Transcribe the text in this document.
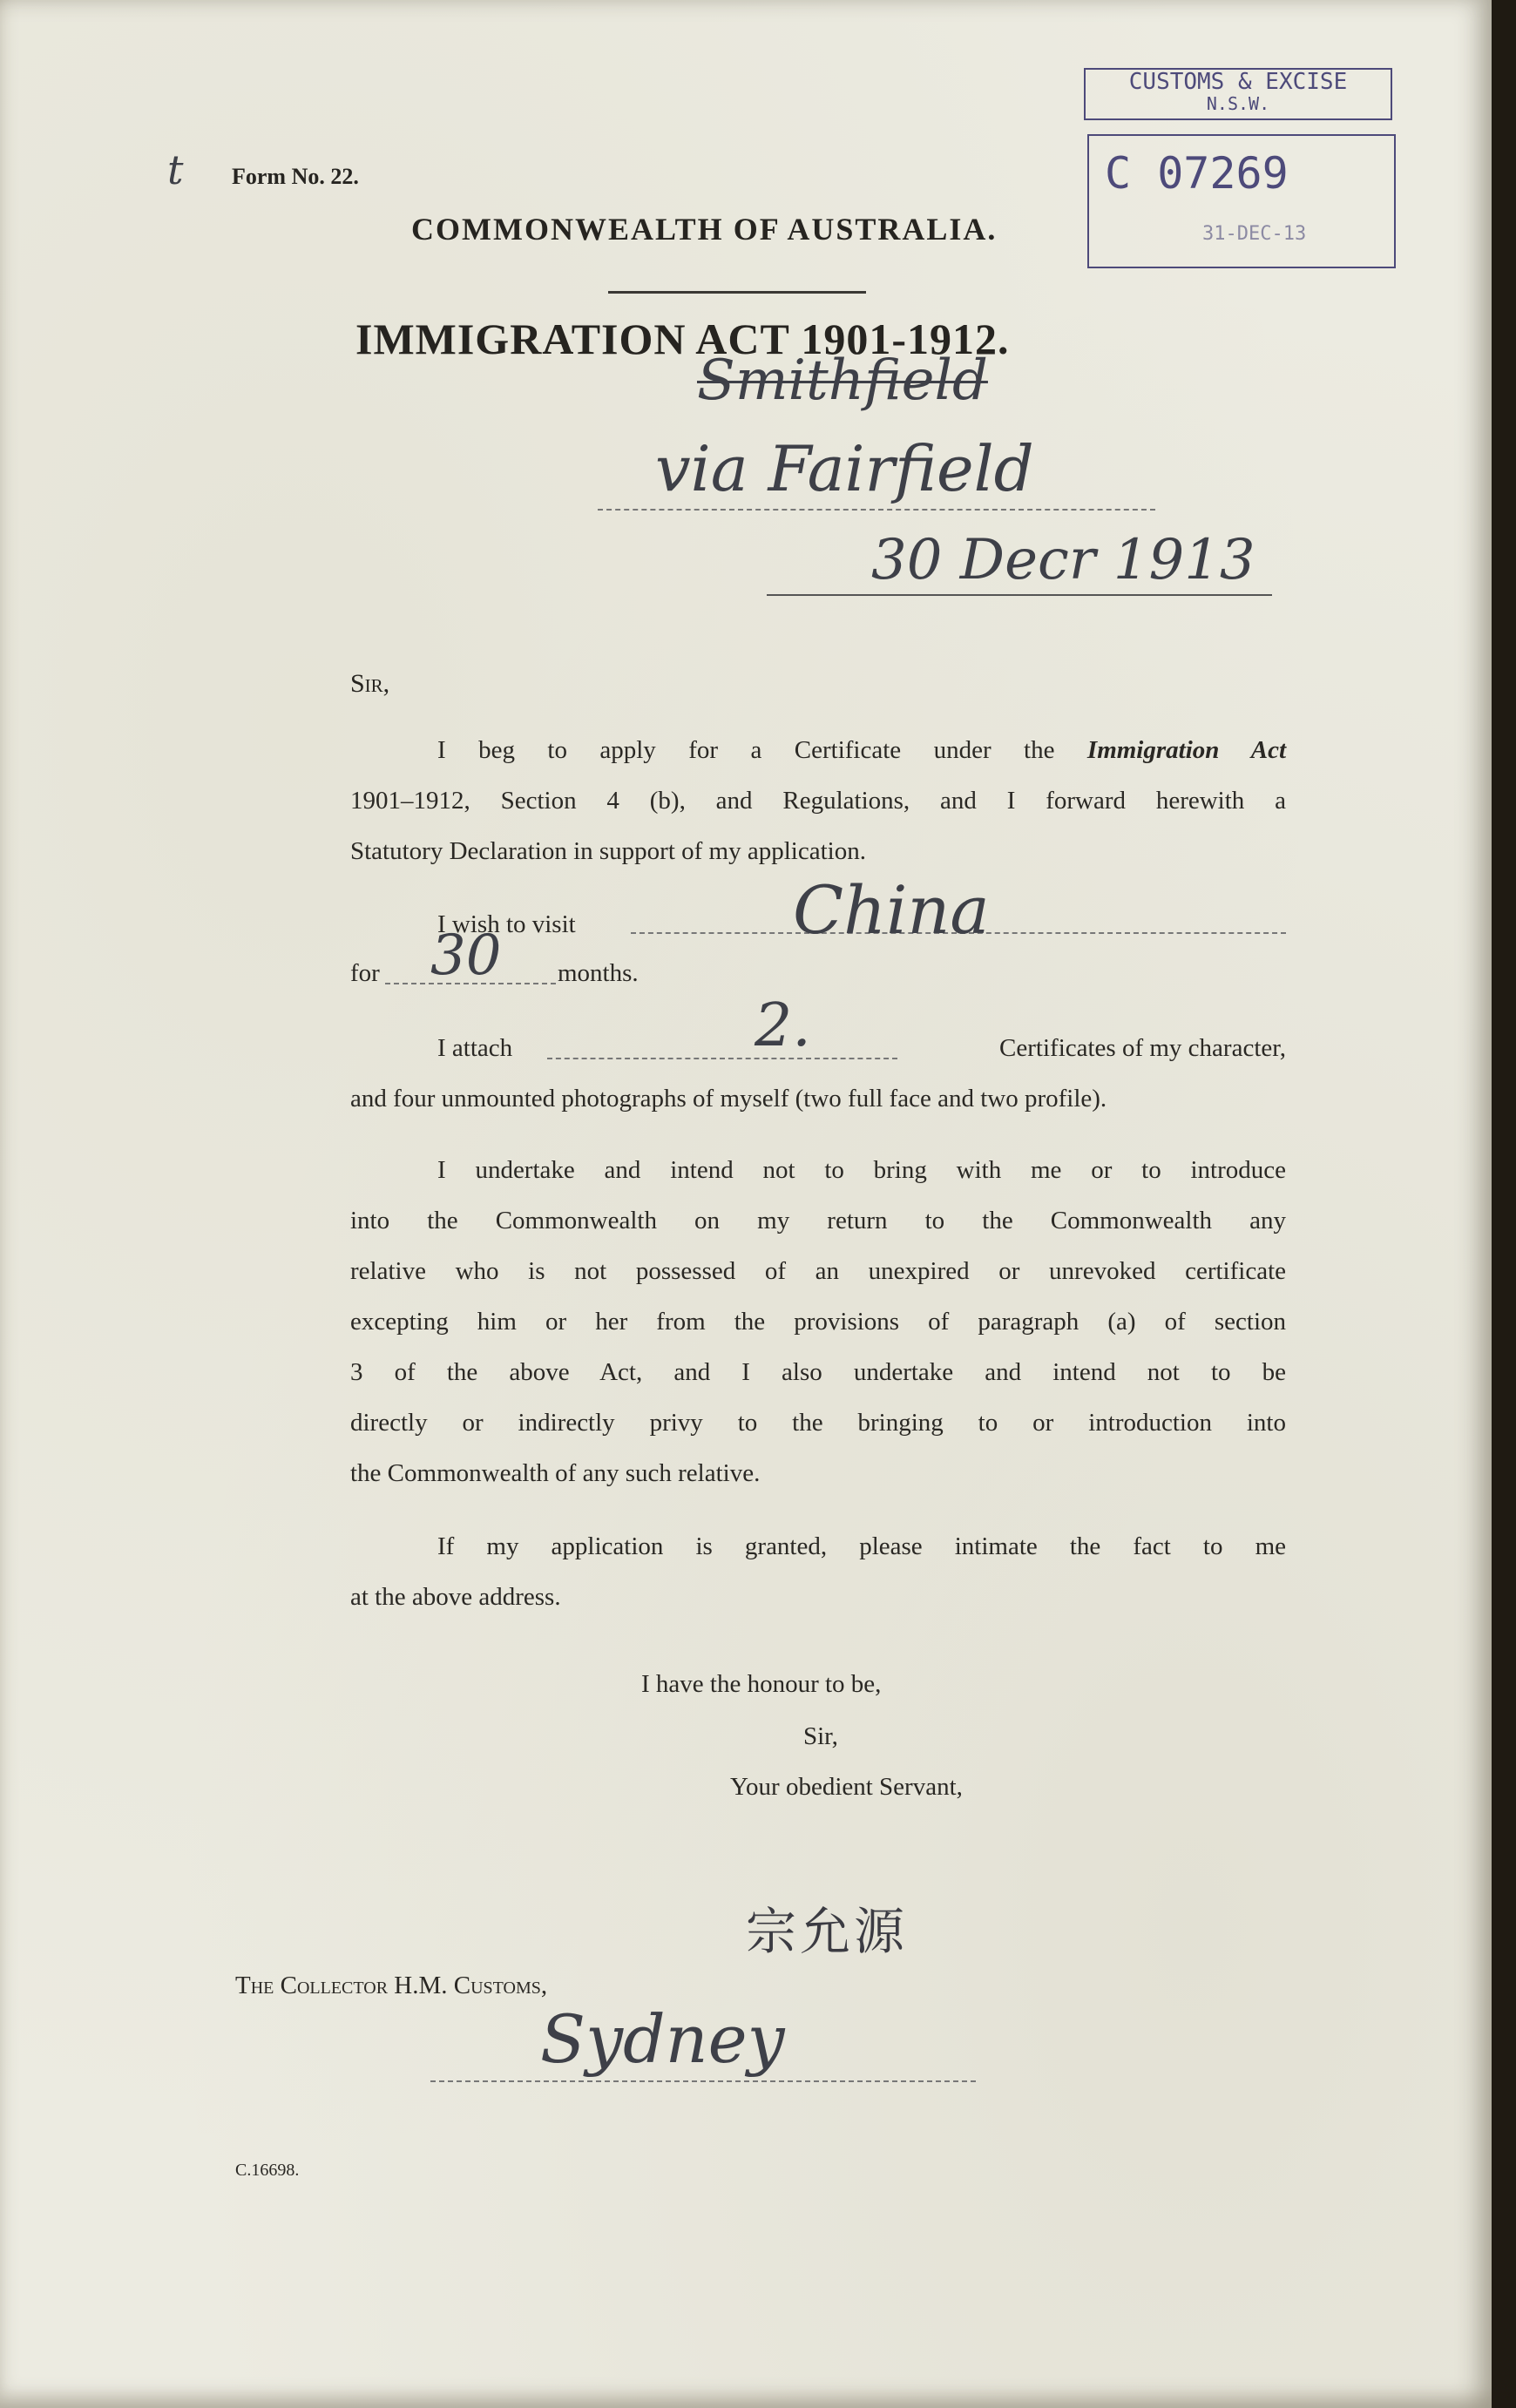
t Form No. 22.
COMMONWEALTH OF AUSTRALIA.
IMMIGRATION ACT 1901-1912.
CUSTOMS & EXCISE
N.S.W.
C 07269
31-DEC-13
Smithfield
via Fairfield
30 Decr 1913
Sir,
I beg to apply for a Certificate under the Immigration Act
1901–1912, Section 4 (b), and Regulations, and I forward herewith a
Statutory Declaration in support of my application.
I wish to visit	China
for 30 months.
I attach	2.	Certificates of my character,
and four unmounted photographs of myself (two full face and two profile).
I undertake and intend not to bring with me or to introduce
into the Commonwealth on my return to the Commonwealth any
relative who is not possessed of an unexpired or unrevoked certificate
excepting him or her from the provisions of paragraph (a) of section
3 of the above Act, and I also undertake and intend not to be
directly or indirectly privy to the bringing to or introduction into
the Commonwealth of any such relative.
If my application is granted, please intimate the fact to me
at the above address.
I have the honour to be,
Sir,
Your obedient Servant,
宗允源
The Collector H.M. Customs,
Sydney
C.16698.
